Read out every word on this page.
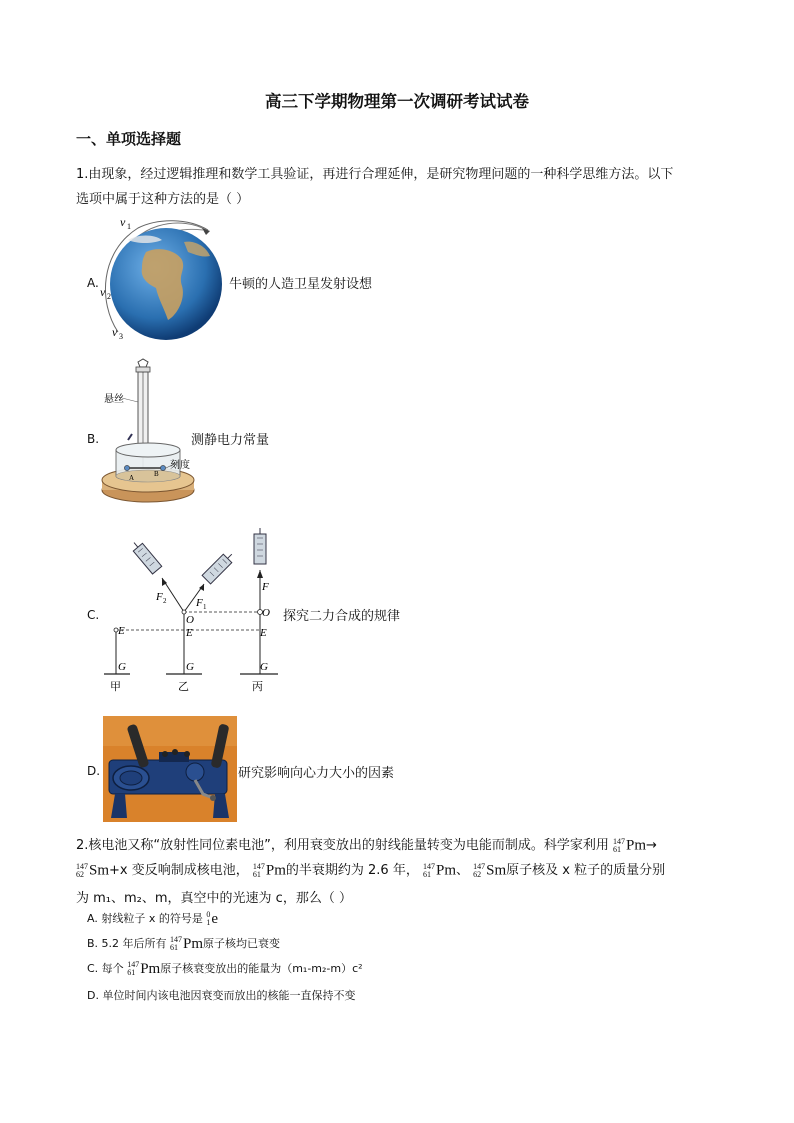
高三下学期物理第一次调研考试试卷
一、单项选择题
1.由现象，经过逻辑推理和数学工具验证，再进行合理延伸，是研究物理问题的一种科学思维方法。以下
选项中属于这种方法的是（ ）
A.
v 1
v 2
v 3
牛顿的人造卫星发射设想
B.
悬丝
刻度
A	B
测静电力常量
C.
F 2	F 1
F
O
O
E	E	E
G	G	G
甲	乙	丙
探究二力合成的规律
D.	研究影响向心力大小的因素
2.核电池又称“放射性同位素电池”，利用衰变放出的射线能量转变为电能而制成。科学家利用 147
61 Pm→
147
62 Sm+x 变反响制成核电池， 147
61 Pm的半衰期约为 2.6 年， 147
61 Pm、 147
62 Sm原子核及 x 粒子的质量分别
为 m₁、m₂、m，真空中的光速为 c，那么（ ）
A. 射线粒子 x 的符号是 0
1 e
B. 5.2 年后所有 147
61 Pm原子核均已衰变
C. 每个 147
61 Pm原子核衰变放出的能量为（m₁-m₂-m）c²
D. 单位时间内该电池因衰变而放出的核能一直保持不变
